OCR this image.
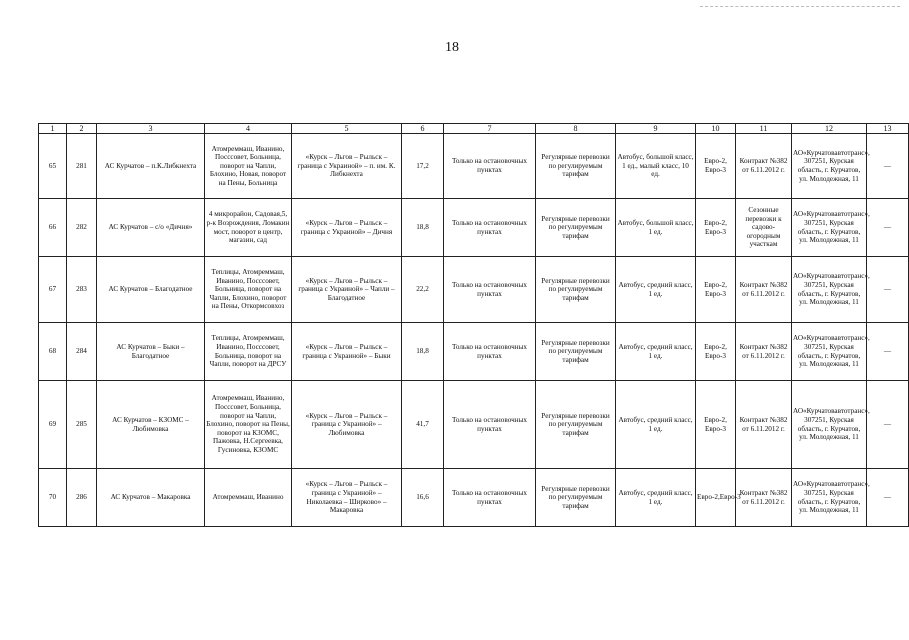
18
1	2	3	4	5	6	7	8	9	10	11	12	13
65	281	АС Курчатов – п.К.Либкнехта	Атомреммаш, Иванино, Посссовет, Больница, поворот на Чапли, Блохино, Новая, поворот на Пены, Больница	«Курск – Льгов – Рыльск – граница с Украиной» – п. им. К. Либкнехта	17,2	Только на остановочных пунктах	Регулярные перевозки по регулируемым тарифам	Автобус, большой класс, 1 ед., малый класс, 10 ед.	Евро-2, Евро-3	Контракт №382 от 6.11.2012 г.	АО«Курчатовавтотранс», 307251, Курская область, г. Курчатов, ул. Молодежная, 11	—
66	282	АС Курчатов – с/о «Дичня»	4 микрорайон, Садовая,5, р-к Возрождения, Ломакин мост, поворот в центр, магазин, сад	«Курск – Льгов – Рыльск – граница с Украиной» – Дичня	18,8	Только на остановочных пунктах	Регулярные перевозки по регулируемым тарифам	Автобус, большой класс, 1 ед.	Евро-2, Евро-3	Сезонные перевозки к садово-огородным участкам	АО«Курчатовавтотранс», 307251, Курская область, г. Курчатов, ул. Молодежная, 11	—
67	283	АС Курчатов – Благодатное	Теплицы, Атомреммаш, Иванино, Посссовет, Больница, поворот на Чапли, Блохино, поворот на Пены, Откормсовхоз	«Курск – Льгов – Рыльск – граница с Украиной» – Чапли – Благодатное	22,2	Только на остановочных пунктах	Регулярные перевозки по регулируемым тарифам	Автобус, средний класс, 1 ед.	Евро-2, Евро-3	Контракт №382 от 6.11.2012 г.	АО«Курчатовавтотранс», 307251, Курская область, г. Курчатов, ул. Молодежная, 11	—
68	284	АС Курчатов – Быки – Благодатное	Теплицы, Атомреммаш, Иванино, Посссовет, Больница, поворот на Чапли, поворот на ДРСУ	«Курск – Льгов – Рыльск – граница с Украиной» – Быки	18,8	Только на остановочных пунктах	Регулярные перевозки по регулируемым тарифам	Автобус, средний класс, 1 ед.	Евро-2, Евро-3	Контракт №382 от 6.11.2012 г.	АО«Курчатовавтотранс», 307251, Курская область, г. Курчатов, ул. Молодежная, 11	—
69	285	АС Курчатов – КЗОМС – Любимовка	Атомреммаш, Иванино, Посссовет, Больница, поворот на Чапли, Блохино, поворот на Пены, поворот на КЗОМС, Пажовка, Н.Сергеевка, Гусиновка, КЗОМС	«Курск – Льгов – Рыльск – граница с Украиной» – Любимовка	41,7	Только на остановочных пунктах	Регулярные перевозки по регулируемым тарифам	Автобус, средний класс, 1 ед.	Евро-2, Евро-3	Контракт №382 от 6.11.2012 г.	АО«Курчатовавтотранс», 307251, Курская область, г. Курчатов, ул. Молодежная, 11	—
70	286	АС Курчатов – Макаровка	Атомреммаш, Иванино	«Курск – Льгов – Рыльск – граница с Украиной» – Николаевка – Ширково» – Макаровка	16,6	Только на остановочных пунктах	Регулярные перевозки по регулируемым тарифам	Автобус, средний класс, 1 ед.	Евро-2,Евро-3	Контракт №382 от 6.11.2012 г.	АО«Курчатовавтотранс», 307251, Курская область, г. Курчатов, ул. Молодежная, 11	—
